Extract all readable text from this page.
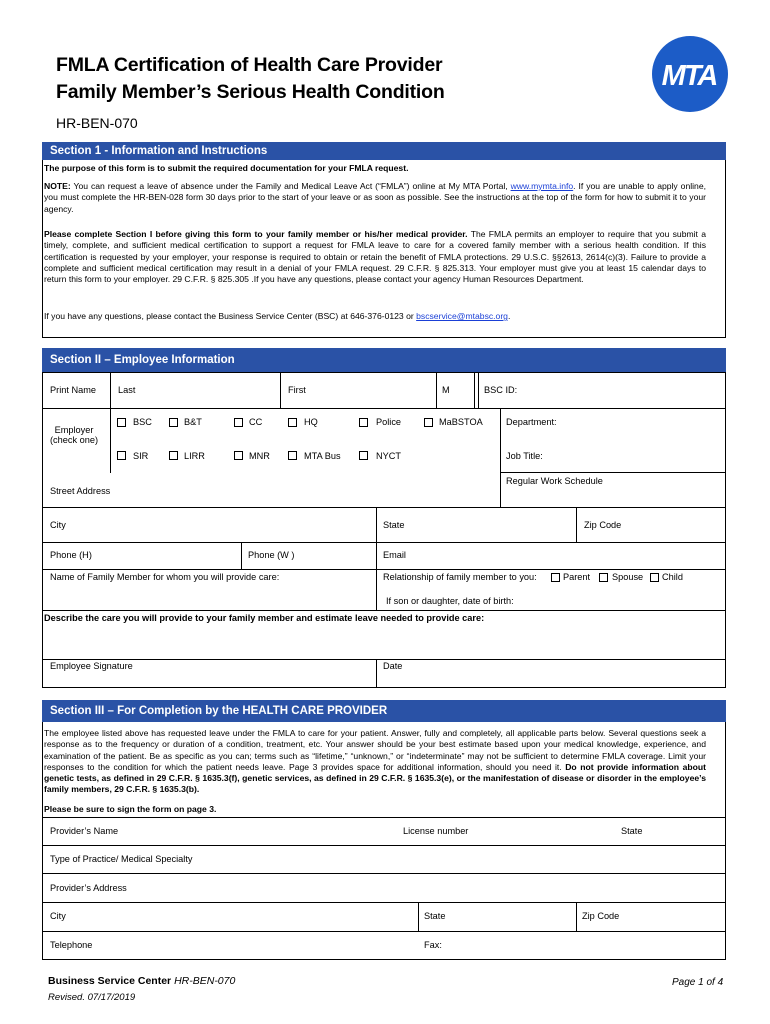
FMLA Certification of Health Care Provider
Family Member’s Serious Health Condition
HR-BEN-070
MTA
Section 1 - Information and Instructions
The purpose of this form is to submit the required documentation for your FMLA request.
NOTE: You can request a leave of absence under the Family and Medical Leave Act (“FMLA”) online at My MTA Portal, www.mymta.info. If you are unable to apply online, you must complete the HR-BEN-028 form 30 days prior to the start of your leave or as soon as possible. See the instructions at the top of the form for how to submit it to your agency.
Please complete Section I before giving this form to your family member or his/her medical provider. The FMLA permits an employer to require that you submit a timely, complete, and sufficient medical certification to support a request for FMLA leave to care for a covered family member with a serious health condition. If this certification is requested by your employer, your response is required to obtain or retain the benefit of FMLA protections. 29 U.S.C. §§2613, 2614(c)(3). Failure to provide a complete and sufficient medical certification may result in a denial of your FMLA request. 29 C.F.R. § 825.313. Your employer must give you at least 15 calendar days to return this form to your employer. 29 C.F.R. § 825.305 .If you have any questions, please contact your agency Human Resources Department.
If you have any questions, please contact the Business Service Center (BSC) at 646-376-0123 or bscservice@mtabsc.org.
Section II – Employee Information
Print Name Last	First	M	BSC ID:
Employer
(check one)
BSC	B&T	CC	HQ	Police	MaBSTOA
SIR	LIRR	MNR	MTA Bus	NYCT
Department:
Job Title:
Regular Work Schedule
Street Address
City	State	Zip Code
Phone (H)	Phone (W )	Email
Name of Family Member for whom you will provide care:	Relationship of family member to you:	Parent Spouse Child
If son or daughter, date of birth:
Describe the care you will provide to your family member and estimate leave needed to provide care:
Employee Signature	Date
Section III – For Completion by the HEALTH CARE PROVIDER
The employee listed above has requested leave under the FMLA to care for your patient. Answer, fully and completely, all applicable parts below. Several questions seek a response as to the frequency or duration of a condition, treatment, etc. Your answer should be your best estimate based upon your medical knowledge, experience, and examination of the patient. Be as specific as you can; terms such as “lifetime,” “unknown,” or “indeterminate” may not be sufficient to determine FMLA coverage. Limit your responses to the condition for which the patient needs leave. Page 3 provides space for additional information, should you need it. Do not provide information about genetic tests, as defined in 29 C.F.R. § 1635.3(f), genetic services, as defined in 29 C.F.R. § 1635.3(e), or the manifestation of disease or disorder in the employee’s family members, 29 C.F.R. § 1635.3(b).
Please be sure to sign the form on page 3.
Provider’s Name	License number	State
Type of Practice/ Medical Specialty
Provider’s Address
City	State	Zip Code
Telephone	Fax:
Business Service Center HR-BEN-070
Revised. 07/17/2019
Page 1 of 4
